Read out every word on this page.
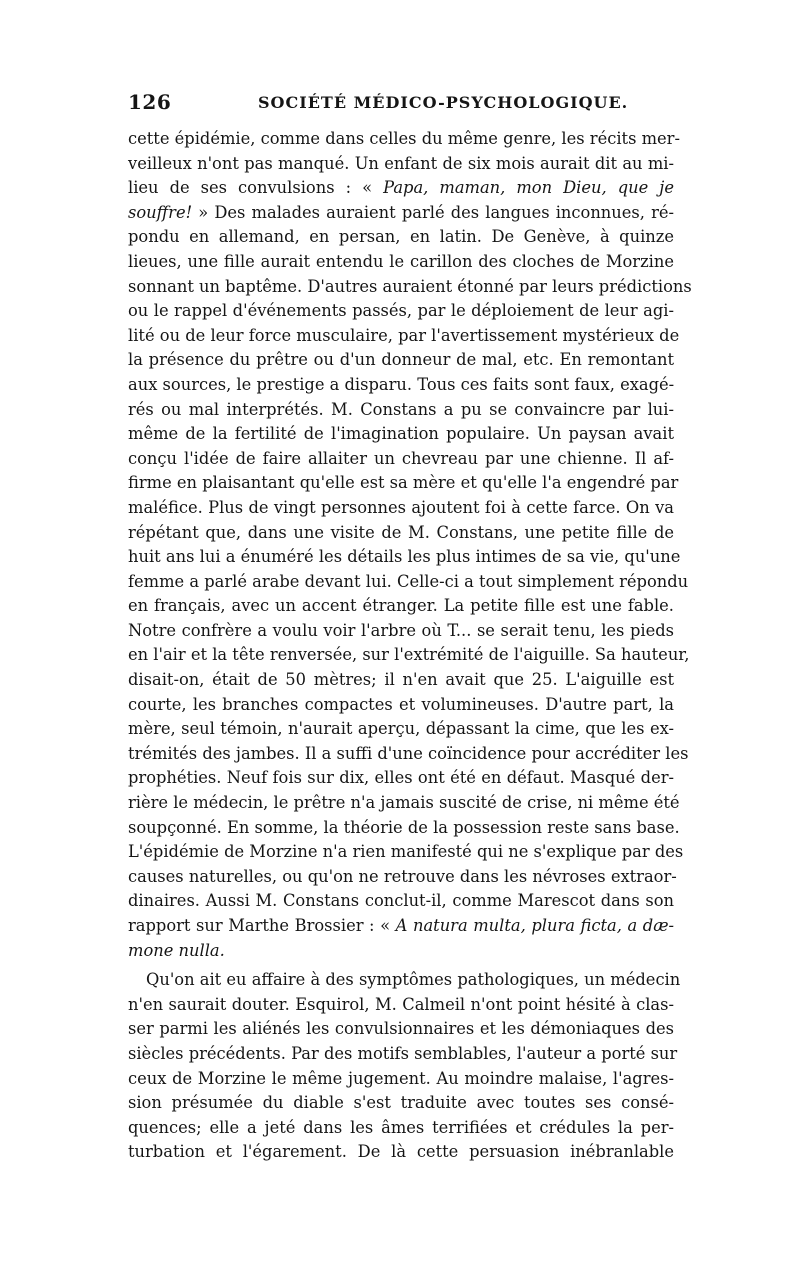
126	SOCIÉTÉ MÉDICO-PSYCHOLOGIQUE.
cette épidémie, comme dans celles du même genre, les récits mer-
veilleux n'ont pas manqué. Un enfant de six mois aurait dit au mi-
lieu de ses convulsions : « Papa, maman, mon Dieu, que je
souffre! » Des malades auraient parlé des langues inconnues, ré-
pondu en allemand, en persan, en latin. De Genève, à quinze
lieues, une fille aurait entendu le carillon des cloches de Morzine
sonnant un baptême. D'autres auraient étonné par leurs prédictions
ou le rappel d'événements passés, par le déploiement de leur agi-
lité ou de leur force musculaire, par l'avertissement mystérieux de
la présence du prêtre ou d'un donneur de mal, etc. En remontant
aux sources, le prestige a disparu. Tous ces faits sont faux, exagé-
rés ou mal interprétés. M. Constans a pu se convaincre par lui-
même de la fertilité de l'imagination populaire. Un paysan avait
conçu l'idée de faire allaiter un chevreau par une chienne. Il af-
firme en plaisantant qu'elle est sa mère et qu'elle l'a engendré par
maléfice. Plus de vingt personnes ajoutent foi à cette farce. On va
répétant que, dans une visite de M. Constans, une petite fille de
huit ans lui a énuméré les détails les plus intimes de sa vie, qu'une
femme a parlé arabe devant lui. Celle-ci a tout simplement répondu
en français, avec un accent étranger. La petite fille est une fable.
Notre confrère a voulu voir l'arbre où T... se serait tenu, les pieds
en l'air et la tête renversée, sur l'extrémité de l'aiguille. Sa hauteur,
disait-on, était de 50 mètres; il n'en avait que 25. L'aiguille est
courte, les branches compactes et volumineuses. D'autre part, la
mère, seul témoin, n'aurait aperçu, dépassant la cime, que les ex-
trémités des jambes. Il a suffi d'une coïncidence pour accréditer les
prophéties. Neuf fois sur dix, elles ont été en défaut. Masqué der-
rière le médecin, le prêtre n'a jamais suscité de crise, ni même été
soupçonné. En somme, la théorie de la possession reste sans base.
L'épidémie de Morzine n'a rien manifesté qui ne s'explique par des
causes naturelles, ou qu'on ne retrouve dans les névroses extraor-
dinaires. Aussi M. Constans conclut-il, comme Marescot dans son
rapport sur Marthe Brossier : « A natura multa, plura ficta, a dæ-
mone nulla.
Qu'on ait eu affaire à des symptômes pathologiques, un médecin
n'en saurait douter. Esquirol, M. Calmeil n'ont point hésité à clas-
ser parmi les aliénés les convulsionnaires et les démoniaques des
siècles précédents. Par des motifs semblables, l'auteur a porté sur
ceux de Morzine le même jugement. Au moindre malaise, l'agres-
sion présumée du diable s'est traduite avec toutes ses consé-
quences; elle a jeté dans les âmes terrifiées et crédules la per-
turbation et l'égarement. De là cette persuasion inébranlable
